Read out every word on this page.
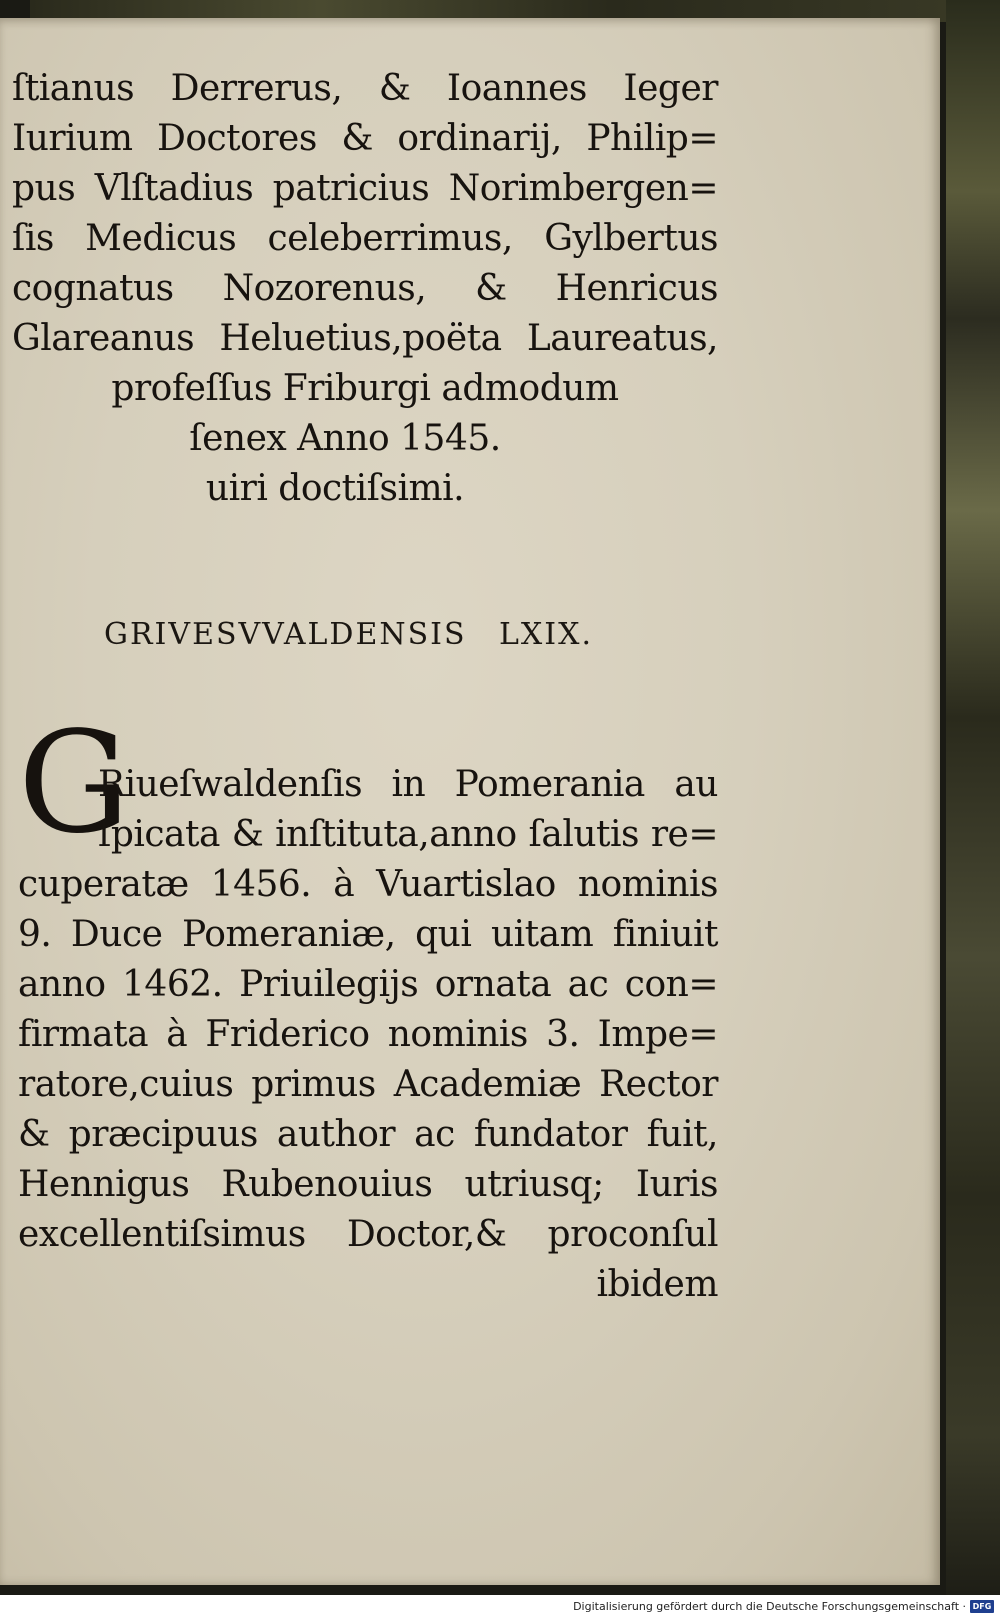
ſtianus Derrerus, & Ioannes Ieger
Iurium Doctores & ordinarij, Philip=
pus Vlſtadius patricius Norimbergen=
ſis Medicus celeberrimus, Gylbertus
cognatus Nozorenus, & Henricus
Glareanus Heluetius,poëta Laureatus,
profeſſus Friburgi admodum
ſenex Anno 1545.
uiri doctiſsimi.
GRIVESVVALDENSIS LXIX.
G
Riueſwaldenſis in Pomerania au
ſpicata & inſtituta,anno ſalutis re=
cuperatæ 1456. à Vuartislao nominis
9. Duce Pomeraniæ, qui uitam finiuit
anno 1462. Priuilegijs ornata ac con=
firmata à Friderico nominis 3. Impe=
ratore,cuius primus Academiæ Rector
& præcipuus author ac fundator fuit,
Hennigus Rubenouius utriusq; Iuris
excellentiſsimus Doctor,& proconſul
ibidem
Digitalisierung gefördert durch die Deutsche Forschungsgemeinschaft · DFG
